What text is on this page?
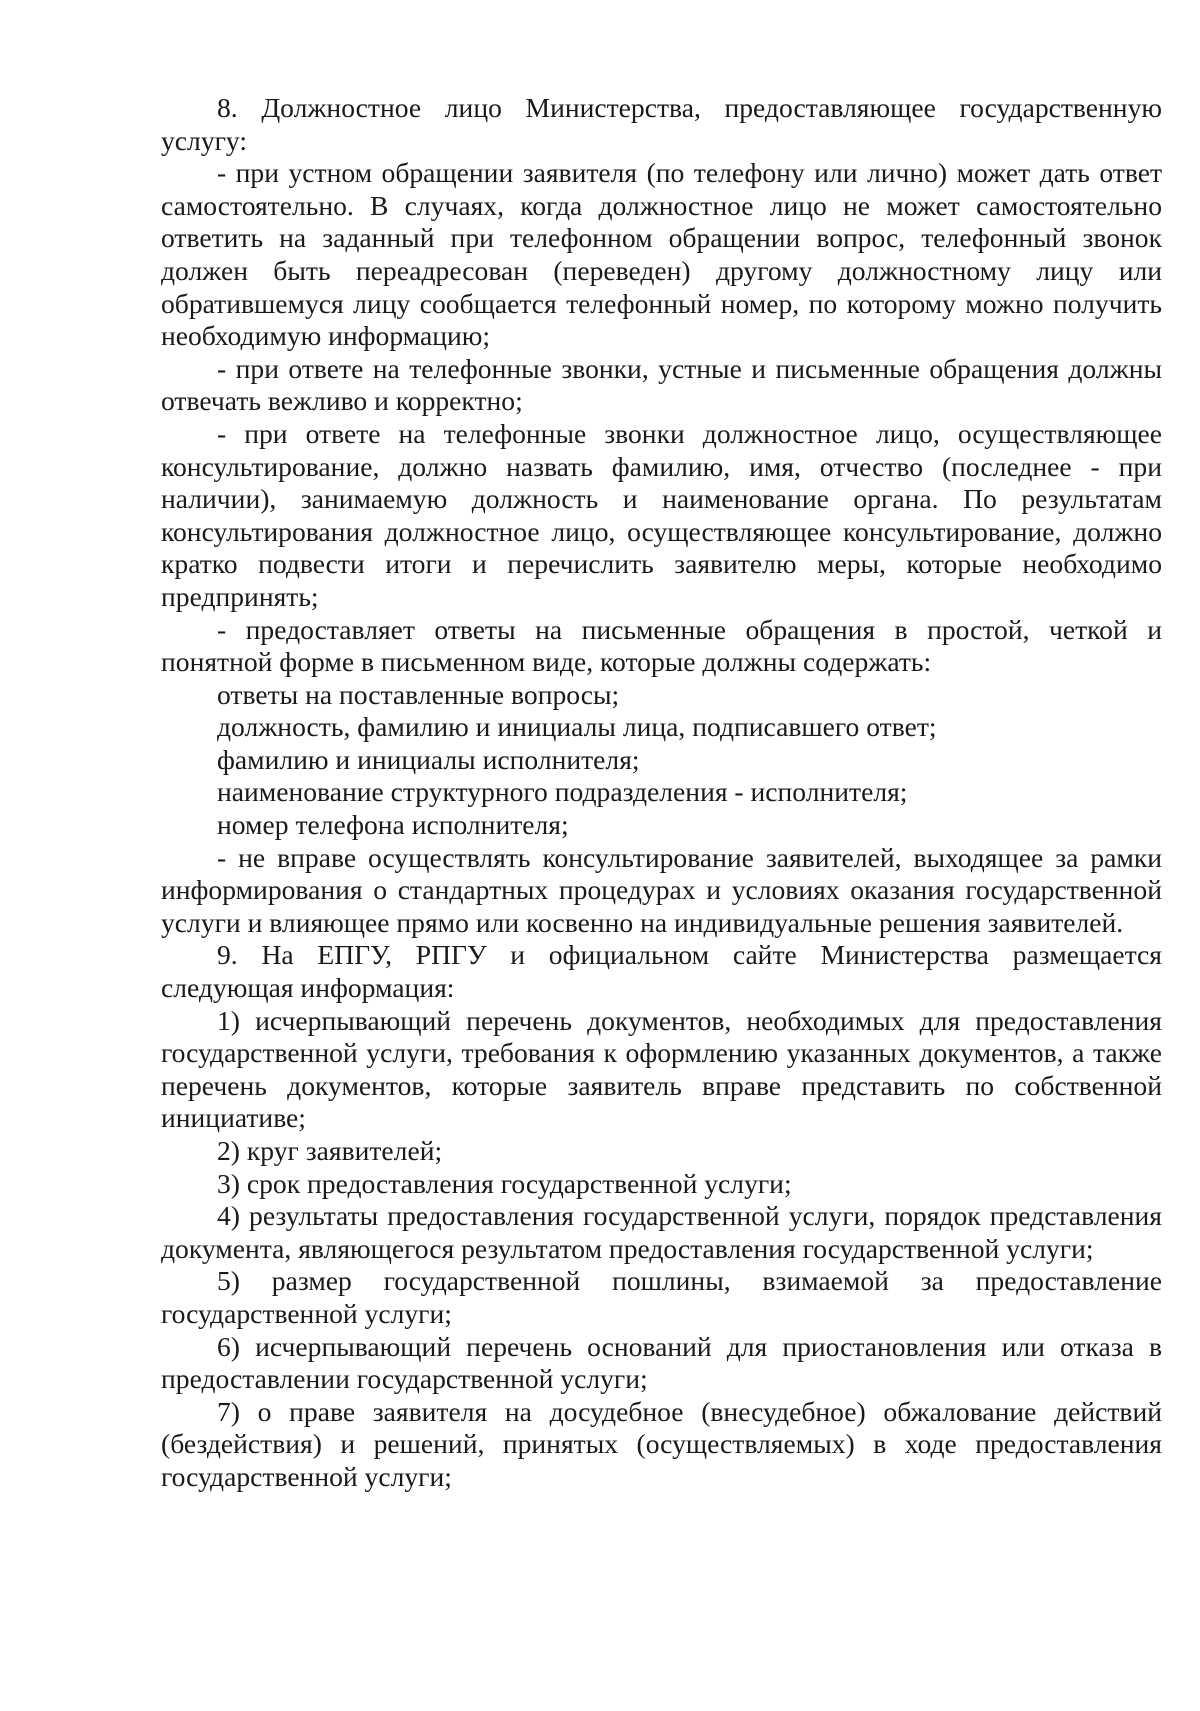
8. Должностное лицо Министерства, предоставляющее государственную услугу:

- при устном обращении заявителя (по телефону или лично) может дать ответ самостоятельно. В случаях, когда должностное лицо не может самостоятельно ответить на заданный при телефонном обращении вопрос, телефонный звонок должен быть переадресован (переведен) другому должностному лицу или обратившемуся лицу сообщается телефонный номер, по которому можно получить необходимую информацию;

- при ответе на телефонные звонки, устные и письменные обращения должны отвечать вежливо и корректно;

- при ответе на телефонные звонки должностное лицо, осуществляющее консультирование, должно назвать фамилию, имя, отчество (последнее - при наличии), занимаемую должность и наименование органа. По результатам консультирования должностное лицо, осуществляющее консультирование, должно кратко подвести итоги и перечислить заявителю меры, которые необходимо предпринять;

- предоставляет ответы на письменные обращения в простой, четкой и понятной форме в письменном виде, которые должны содержать:

ответы на поставленные вопросы;

должность, фамилию и инициалы лица, подписавшего ответ;

фамилию и инициалы исполнителя;

наименование структурного подразделения - исполнителя;

номер телефона исполнителя;

- не вправе осуществлять консультирование заявителей, выходящее за рамки информирования о стандартных процедурах и условиях оказания государственной услуги и влияющее прямо или косвенно на индивидуальные решения заявителей.

9. На ЕПГУ, РПГУ и официальном сайте Министерства размещается следующая информация:

1) исчерпывающий перечень документов, необходимых для предоставления государственной услуги, требования к оформлению указанных документов, а также перечень документов, которые заявитель вправе представить по собственной инициативе;

2) круг заявителей;

3) срок предоставления государственной услуги;

4) результаты предоставления государственной услуги, порядок представления документа, являющегося результатом предоставления государственной услуги;

5) размер государственной пошлины, взимаемой за предоставление государственной услуги;

6) исчерпывающий перечень оснований для приостановления или отказа в предоставлении государственной услуги;

7) о праве заявителя на досудебное (внесудебное) обжалование действий (бездействия) и решений, принятых (осуществляемых) в ходе предоставления государственной услуги;
